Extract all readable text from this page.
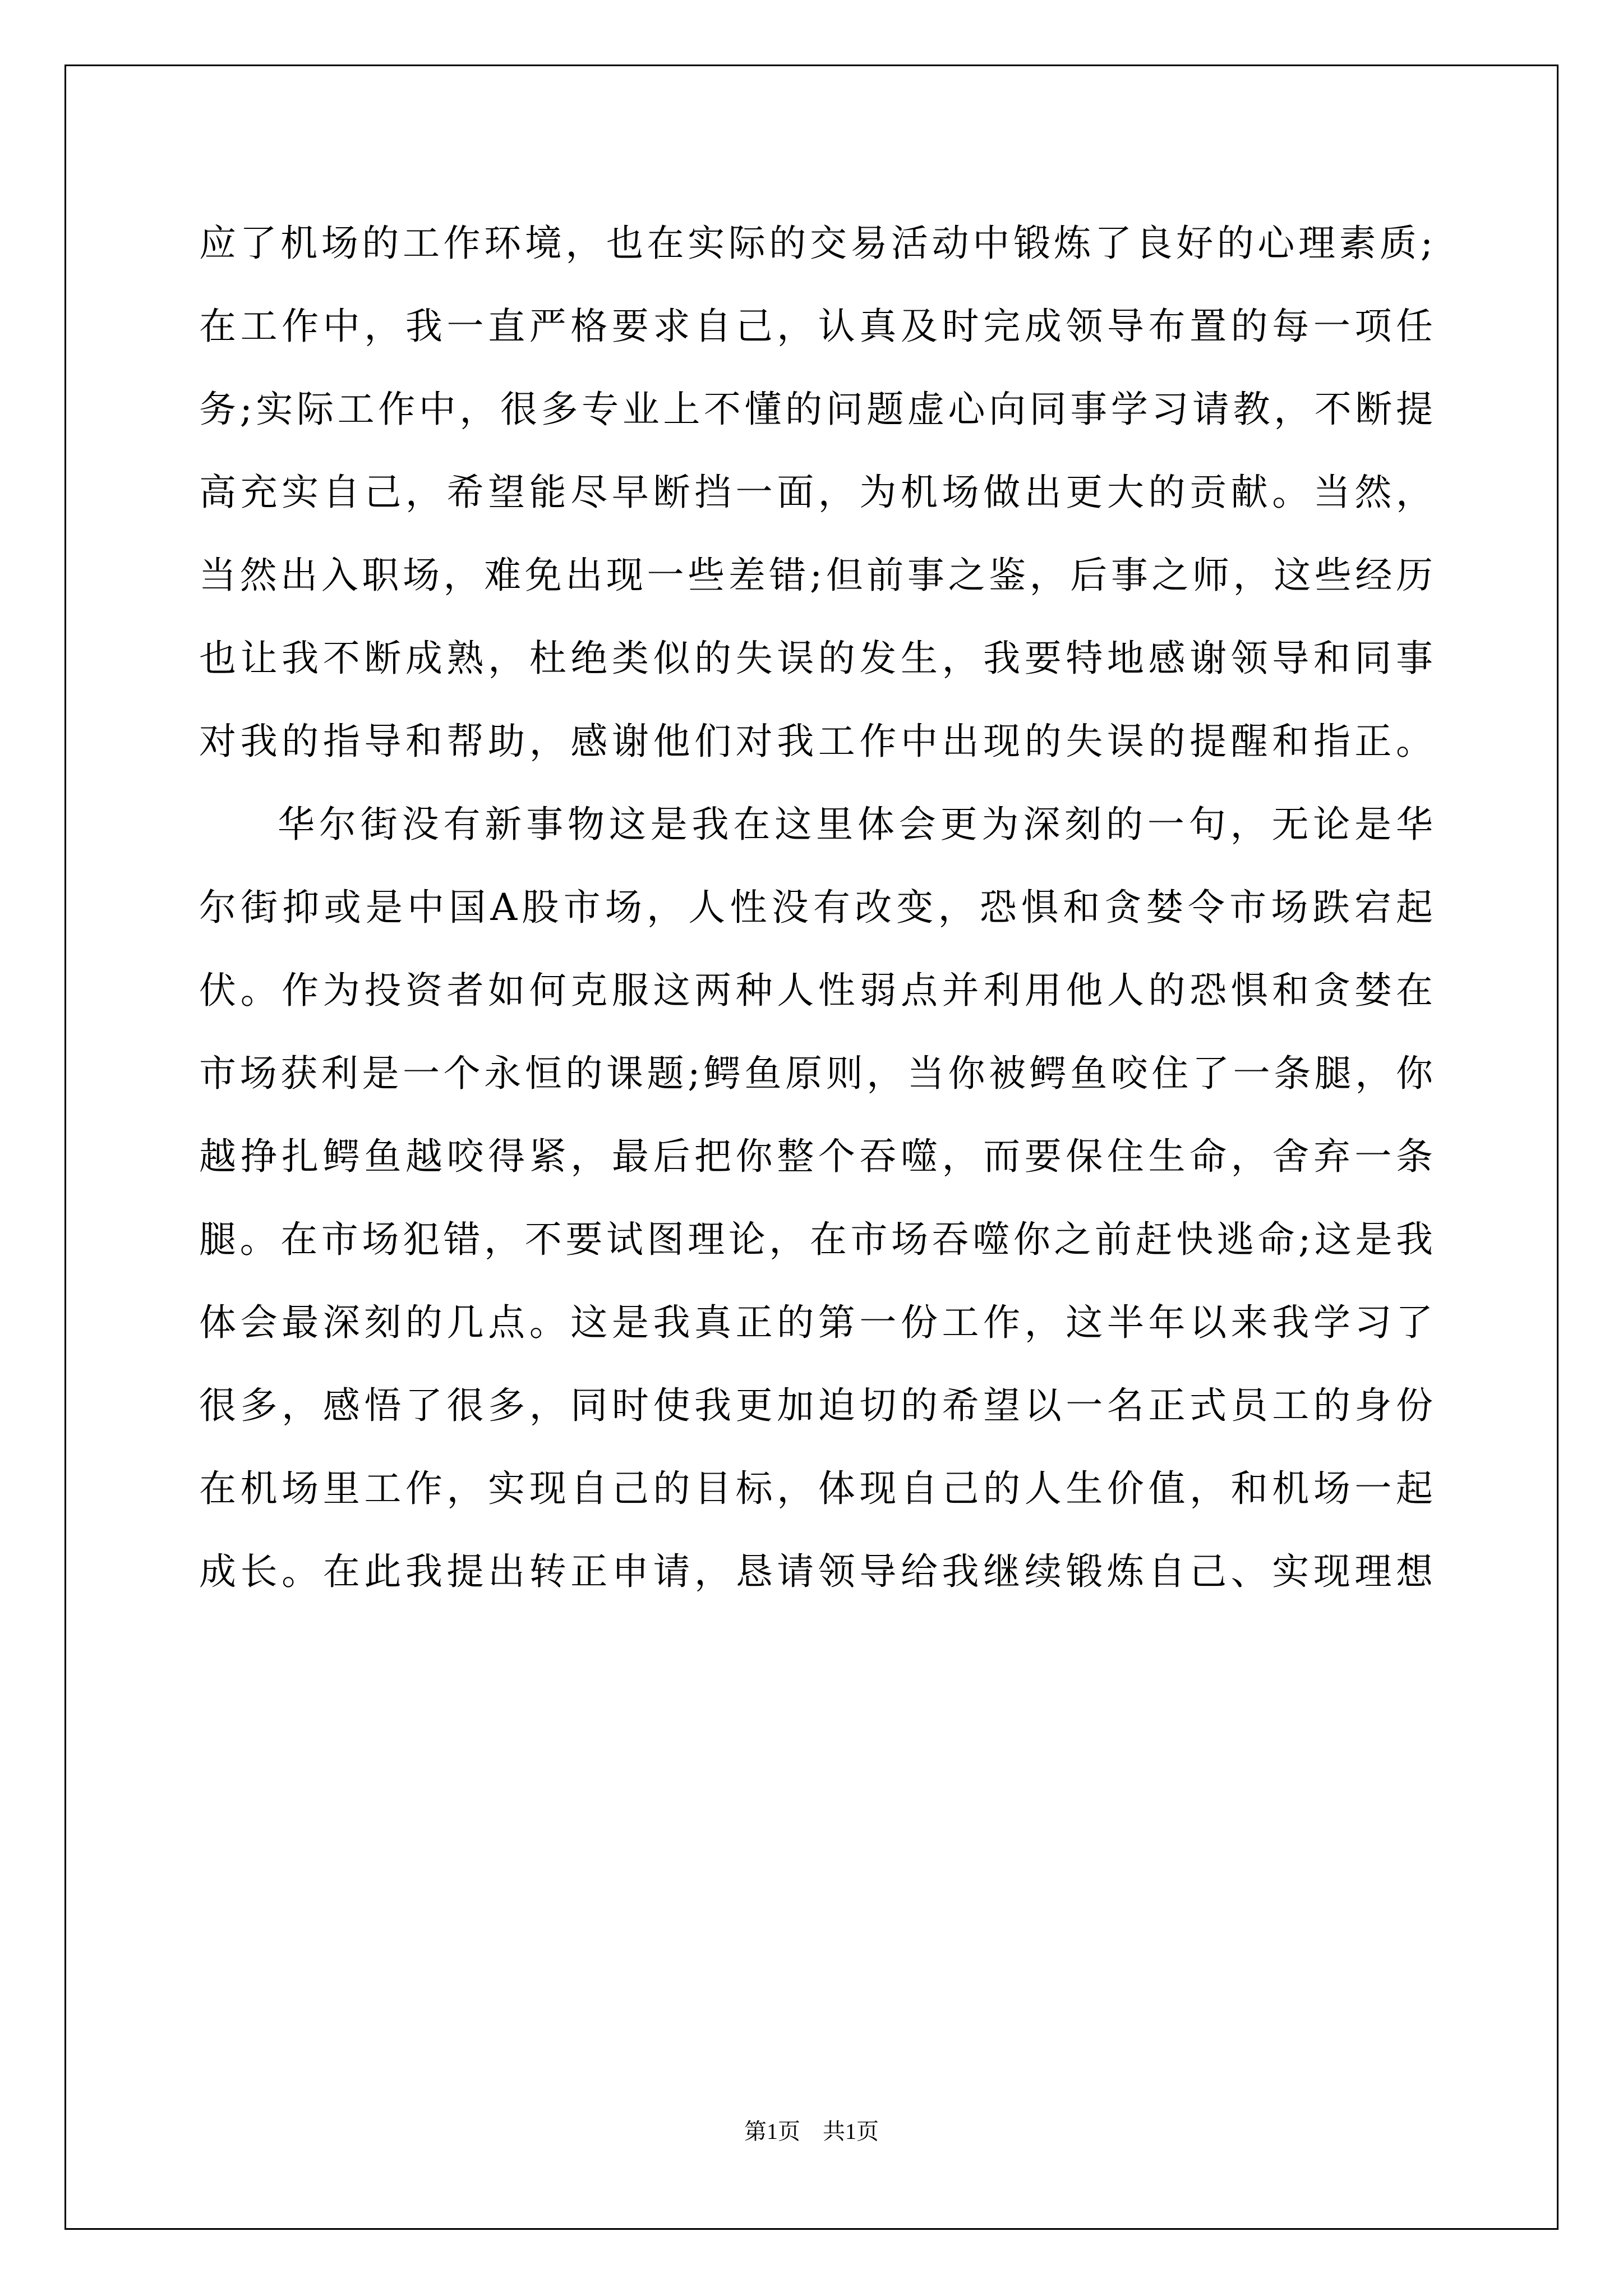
应了机场的工作环境，也在实际的交易活动中锻炼了良好的心理素质;
在工作中，我一直严格要求自己，认真及时完成领导布置的每一项任
务;实际工作中，很多专业上不懂的问题虚心向同事学习请教，不断提
高充实自己，希望能尽早断挡一面，为机场做出更大的贡献。当然，
当然出入职场，难免出现一些差错;但前事之鉴，后事之师，这些经历
也让我不断成熟，杜绝类似的失误的发生，我要特地感谢领导和同事
对我的指导和帮助，感谢他们对我工作中出现的失误的提醒和指正。
华尔街没有新事物这是我在这里体会更为深刻的一句，无论是华
尔街抑或是中国A股市场，人性没有改变，恐惧和贪婪令市场跌宕起
伏。作为投资者如何克服这两种人性弱点并利用他人的恐惧和贪婪在
市场获利是一个永恒的课题;鳄鱼原则，当你被鳄鱼咬住了一条腿，你
越挣扎鳄鱼越咬得紧，最后把你整个吞噬，而要保住生命，舍弃一条
腿。在市场犯错，不要试图理论，在市场吞噬你之前赶快逃命;这是我
体会最深刻的几点。这是我真正的第一份工作，这半年以来我学习了
很多，感悟了很多，同时使我更加迫切的希望以一名正式员工的身份
在机场里工作，实现自己的目标，体现自己的人生价值，和机场一起
成长。在此我提出转正申请，恳请领导给我继续锻炼自己、实现理想
第1页　共1页
